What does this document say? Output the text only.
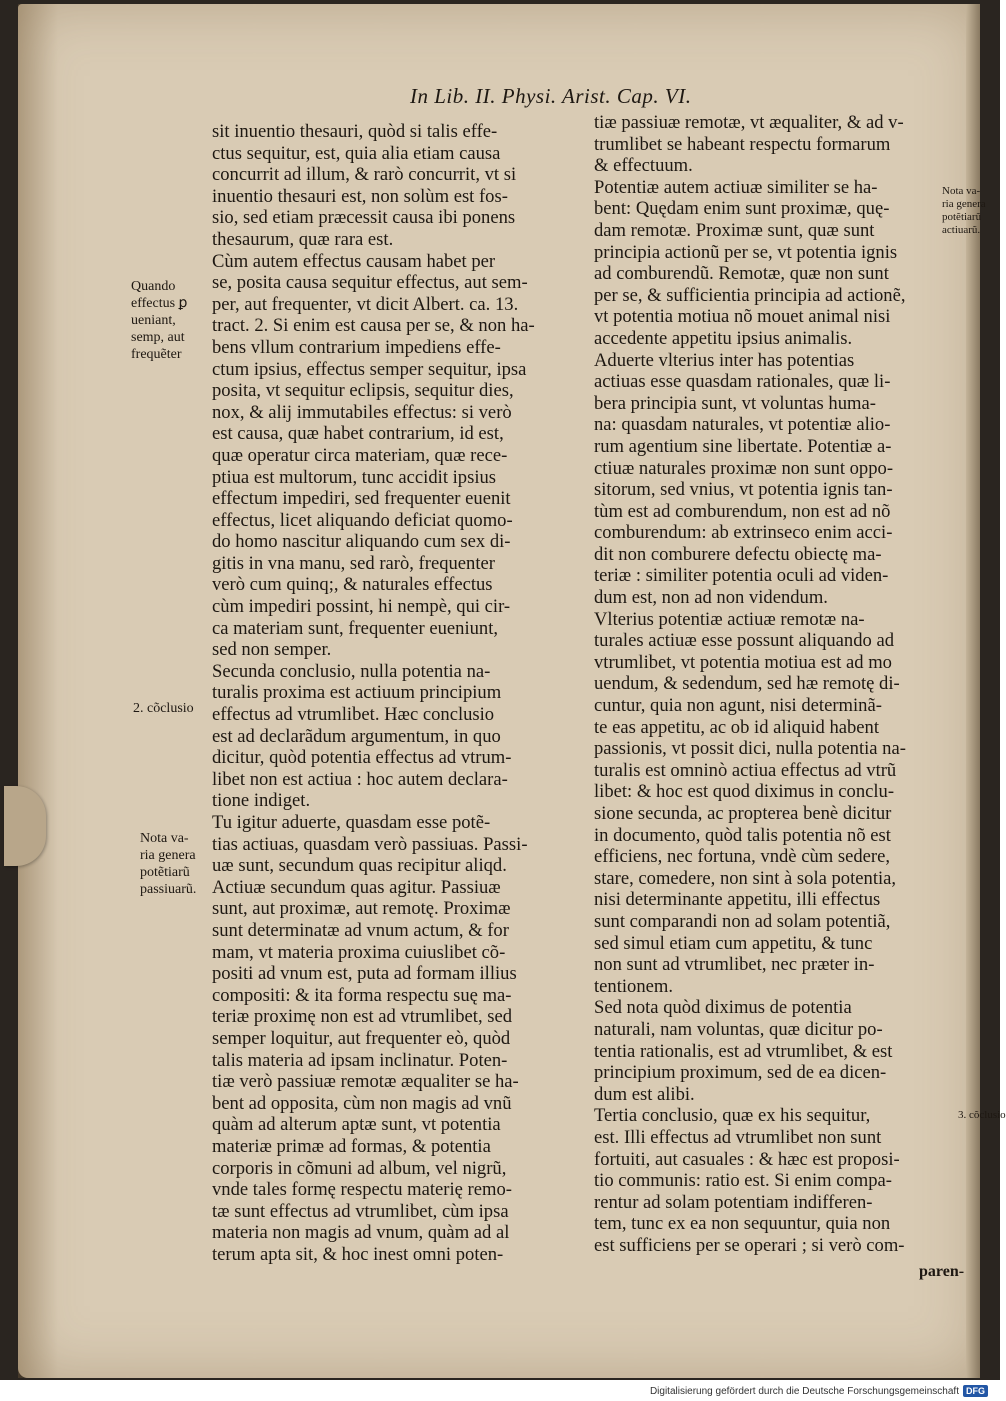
In Lib. II. Physi. Arist. Cap. VI.
Quando
effectus ꝑ
ueniant,
semp, aut
frequẽter
2. cõclusio
Nota va-
ria genera
potẽtiarũ
passiuarũ.
Nota va-
ria genera
potẽtiarũ
actiuarũ.
3. cõclusio
sit inuentio thesauri, quòd si talis effe-
ctus sequitur, est, quia alia etiam causa
concurrit ad illum, & rarò concurrit, vt si
inuentio thesauri est, non solùm est fos-
sio, sed etiam præcessit causa ibi ponens
thesaurum, quæ rara est.
Cùm autem effectus causam habet per
se, posita causa sequitur effectus, aut sem-
per, aut frequenter, vt dicit Albert. ca. 13.
tract. 2. Si enim est causa per se, & non ha-
bens vllum contrarium impediens effe-
ctum ipsius, effectus semper sequitur, ipsa
posita, vt sequitur eclipsis, sequitur dies,
nox, & alij immutabiles effectus: si verò
est causa, quæ habet contrarium, id est,
quæ operatur circa materiam, quæ rece-
ptiua est multorum, tunc accidit ipsius
effectum impediri, sed frequenter euenit
effectus, licet aliquando deficiat quomo-
do homo nascitur aliquando cum sex di-
gitis in vna manu, sed rarò, frequenter
verò cum quinq;, & naturales effectus
cùm impediri possint, hi nempè, qui cir-
ca materiam sunt, frequenter eueniunt,
sed non semper.
Secunda conclusio, nulla potentia na-
turalis proxima est actiuum principium
effectus ad vtrumlibet. Hæc conclusio
est ad declarãdum argumentum, in quo
dicitur, quòd potentia effectus ad vtrum-
libet non est actiua : hoc autem declara-
tione indiget.
Tu igitur aduerte, quasdam esse potẽ-
tias actiuas, quasdam verò passiuas. Passi-
uæ sunt, secundum quas recipitur aliqd.
Actiuæ secundum quas agitur. Passiuæ
sunt, aut proximæ, aut remotę. Proximæ
sunt determinatæ ad vnum actum, & for
mam, vt materia proxima cuiuslibet cõ-
positi ad vnum est, puta ad formam illius
compositi: & ita forma respectu suę ma-
teriæ proximę non est ad vtrumlibet, sed
semper loquitur, aut frequenter eò, quòd
talis materia ad ipsam inclinatur. Poten-
tiæ verò passiuæ remotæ æqualiter se ha-
bent ad opposita, cùm non magis ad vnũ
quàm ad alterum aptæ sunt, vt potentia
materiæ primæ ad formas, & potentia
corporis in cõmuni ad album, vel nigrũ,
vnde tales formę respectu materię remo-
tæ sunt effectus ad vtrumlibet, cùm ipsa
materia non magis ad vnum, quàm ad al
terum apta sit, & hoc inest omni poten-
tiæ passiuæ remotæ, vt æqualiter, & ad v-
trumlibet se habeant respectu formarum
& effectuum.
Potentiæ autem actiuæ similiter se ha-
bent: Quędam enim sunt proximæ, quę-
dam remotæ. Proximæ sunt, quæ sunt
principia actionũ per se, vt potentia ignis
ad comburendũ. Remotæ, quæ non sunt
per se, & sufficientia principia ad actionẽ,
vt potentia motiua nõ mouet animal nisi
accedente appetitu ipsius animalis.
Aduerte vlterius inter has potentias
actiuas esse quasdam rationales, quæ li-
bera principia sunt, vt voluntas huma-
na: quasdam naturales, vt potentiæ alio-
rum agentium sine libertate. Potentiæ a-
ctiuæ naturales proximæ non sunt oppo-
sitorum, sed vnius, vt potentia ignis tan-
tùm est ad comburendum, non est ad nõ
comburendum: ab extrinseco enim acci-
dit non comburere defectu obiectę ma-
teriæ : similiter potentia oculi ad viden-
dum est, non ad non videndum.
Vlterius potentiæ actiuæ remotæ na-
turales actiuæ esse possunt aliquando ad
vtrumlibet, vt potentia motiua est ad mo
uendum, & sedendum, sed hæ remotę di-
cuntur, quia non agunt, nisi determinã-
te eas appetitu, ac ob id aliquid habent
passionis, vt possit dici, nulla potentia na-
turalis est omninò actiua effectus ad vtrũ
libet: & hoc est quod diximus in conclu-
sione secunda, ac propterea benè dicitur
in documento, quòd talis potentia nõ est
efficiens, nec fortuna, vndè cùm sedere,
stare, comedere, non sint à sola potentia,
nisi determinante appetitu, illi effectus
sunt comparandi non ad solam potentiã,
sed simul etiam cum appetitu, & tunc
non sunt ad vtrumlibet, nec præter in-
tentionem.
Sed nota quòd diximus de potentia
naturali, nam voluntas, quæ dicitur po-
tentia rationalis, est ad vtrumlibet, & est
principium proximum, sed de ea dicen-
dum est alibi.
Tertia conclusio, quæ ex his sequitur,
est. Illi effectus ad vtrumlibet non sunt
fortuiti, aut casuales : & hæc est proposi-
tio communis: ratio est. Si enim compa-
rentur ad solam potentiam indifferen-
tem, tunc ex ea non sequuntur, quia non
est sufficiens per se operari ; si verò com-
paren-
Digitalisierung gefördert durch die Deutsche Forschungsgemeinschaft DFG
